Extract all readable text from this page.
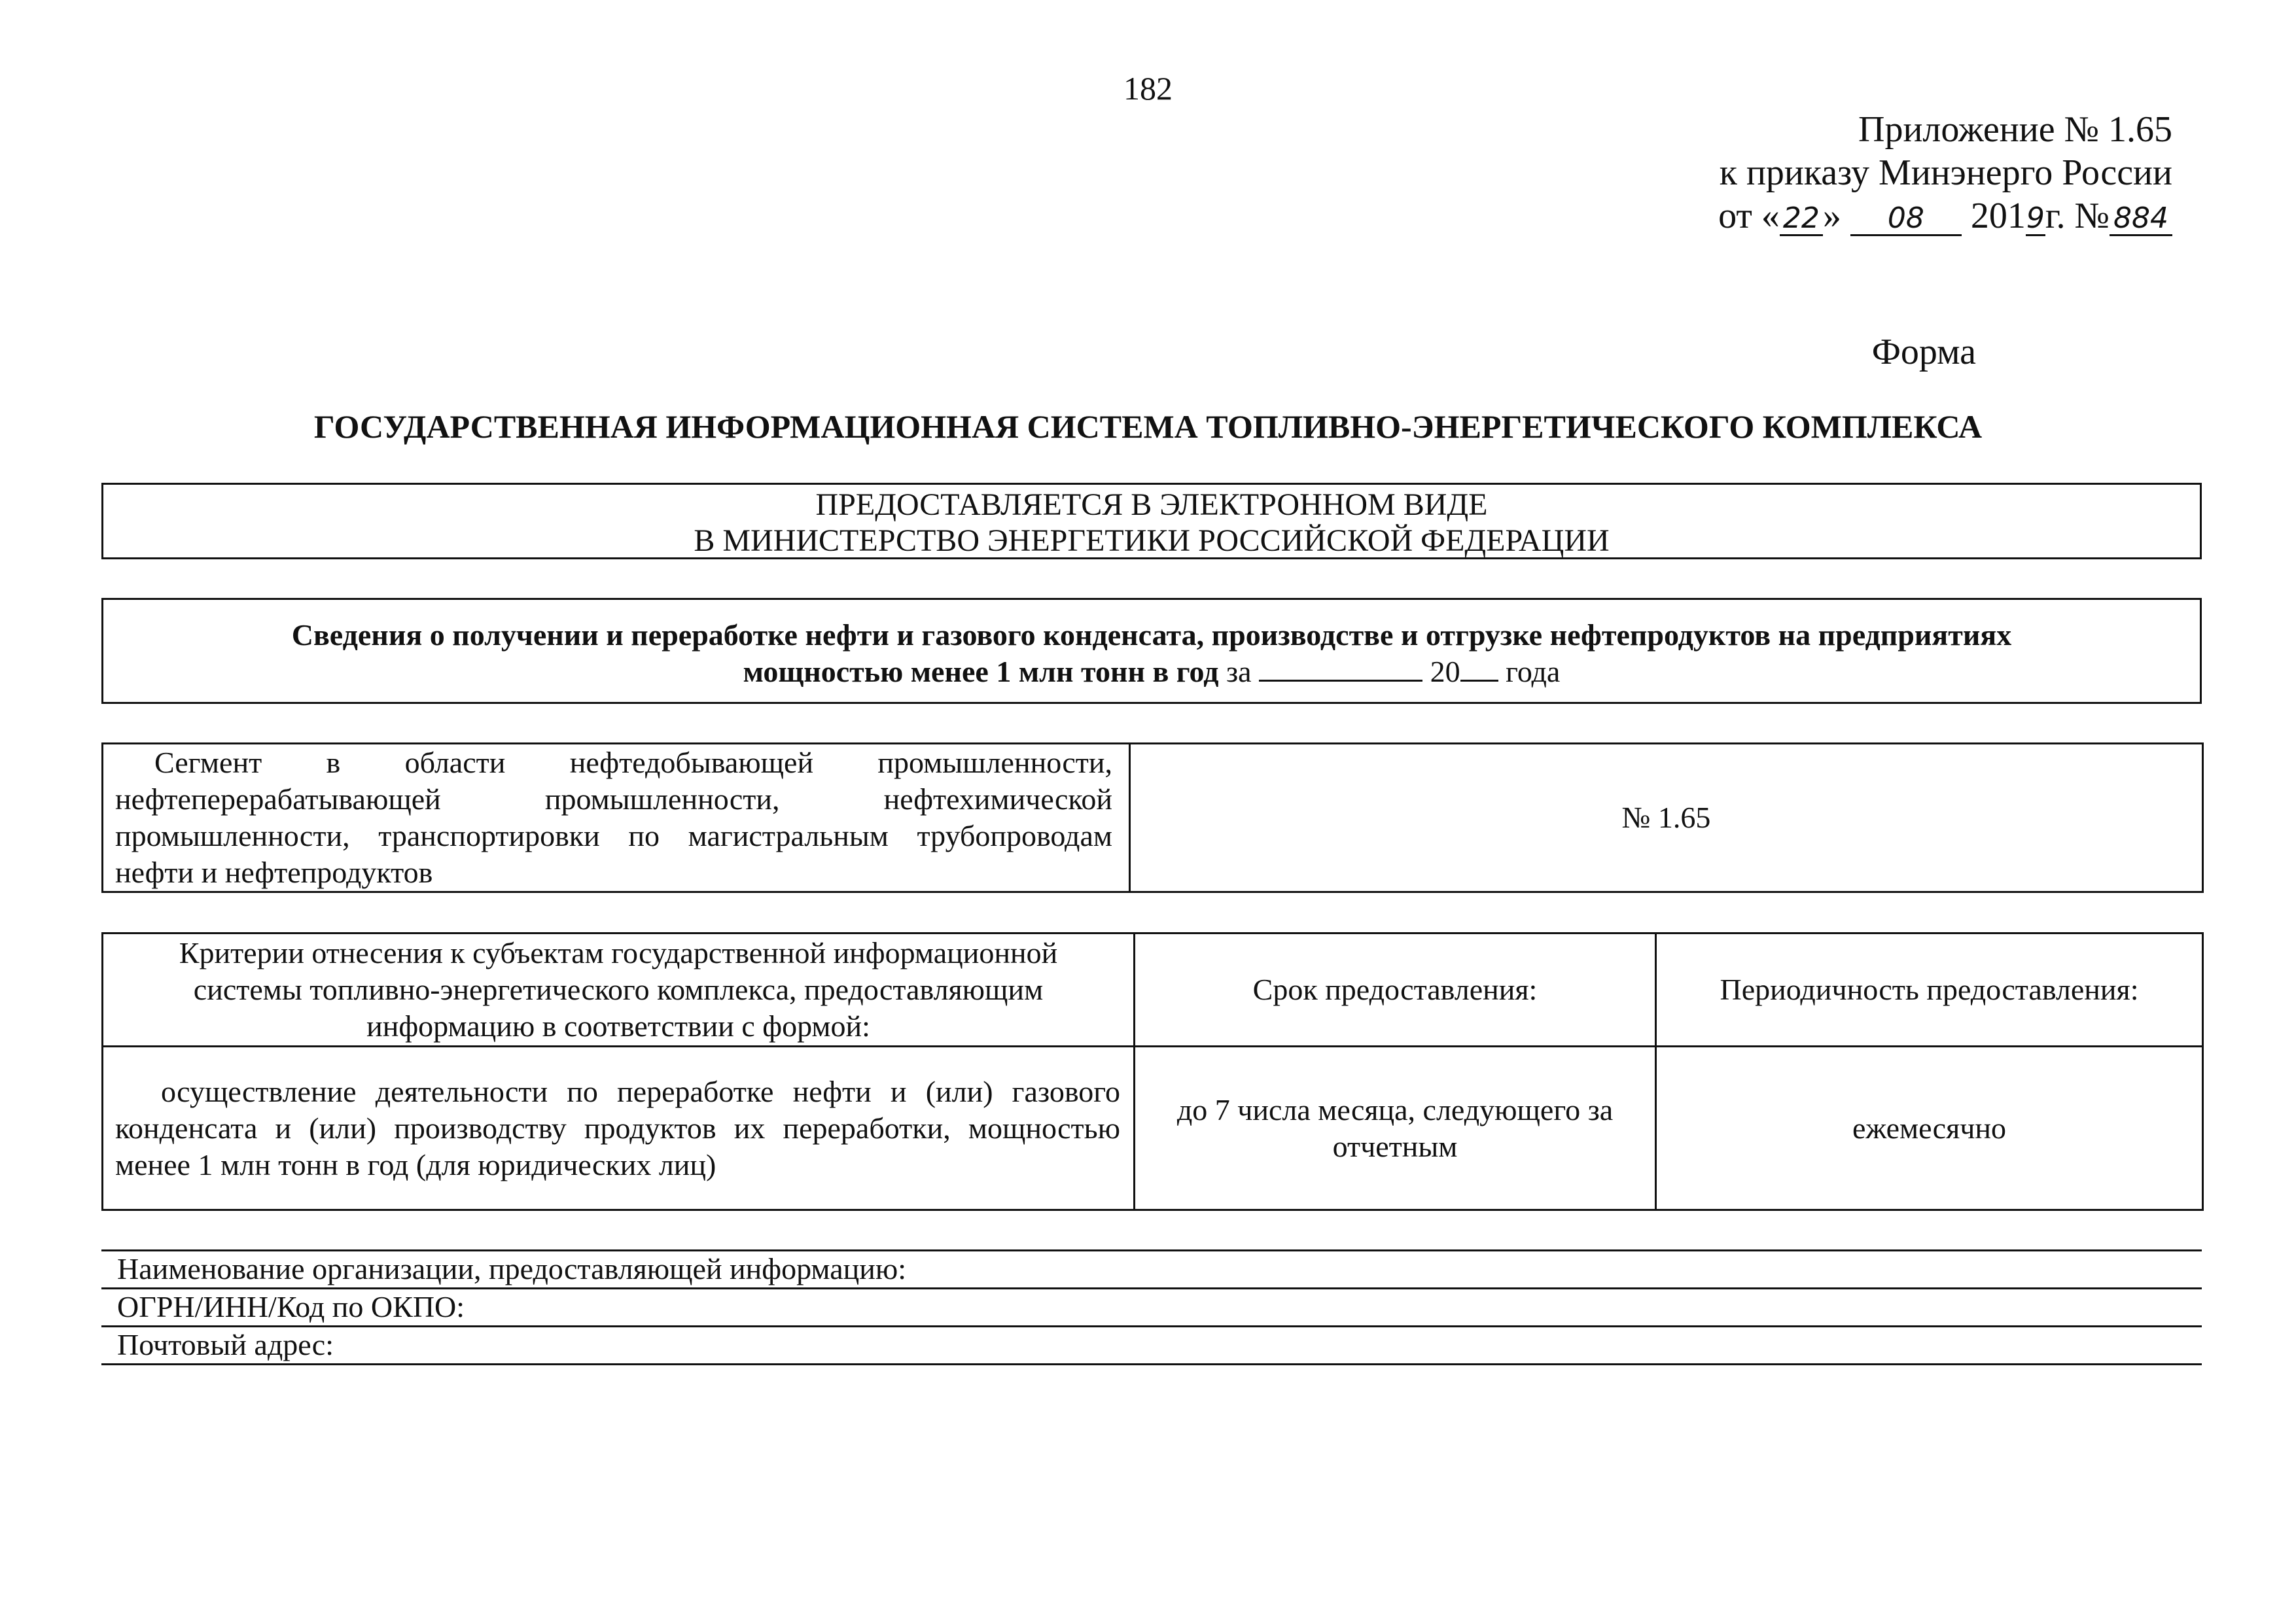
182
Приложение № 1.65
к приказу Минэнерго России
от « 22» 08 2019г. № 884
Форма
ГОСУДАРСТВЕННАЯ ИНФОРМАЦИОННАЯ СИСТЕМА ТОПЛИВНО-ЭНЕРГЕТИЧЕСКОГО КОМПЛЕКСА
ПРЕДОСТАВЛЯЕТСЯ В ЭЛЕКТРОННОМ ВИДЕ
В МИНИСТЕРСТВО ЭНЕРГЕТИКИ РОССИЙСКОЙ ФЕДЕРАЦИИ
Сведения о получении и переработке нефти и газового конденсата, производстве и отгрузке нефтепродуктов на предприятиях
мощностью менее 1 млн тонн в год за	20 года
Сегмент в области нефтедобывающей промышленности, нефтеперерабатывающей промышленности, нефтехимической промышленности, транспортировки по магистральным трубопроводам нефти и нефтепродуктов	№ 1.65
Критерии отнесения к субъектам государственной информационной системы топливно-энергетического комплекса, предоставляющим информацию в соответствии с формой:	Срок предоставления:	Периодичность предоставления:
осуществление деятельности по переработке нефти и (или) газового конденсата и (или) производству продуктов их переработки, мощностью менее 1 млн тонн в год (для юридических лиц)	до 7 числа месяца, следующего за отчетным	ежемесячно
Наименование организации, предоставляющей информацию:
ОГРН/ИНН/Код по ОКПО:
Почтовый адрес:
